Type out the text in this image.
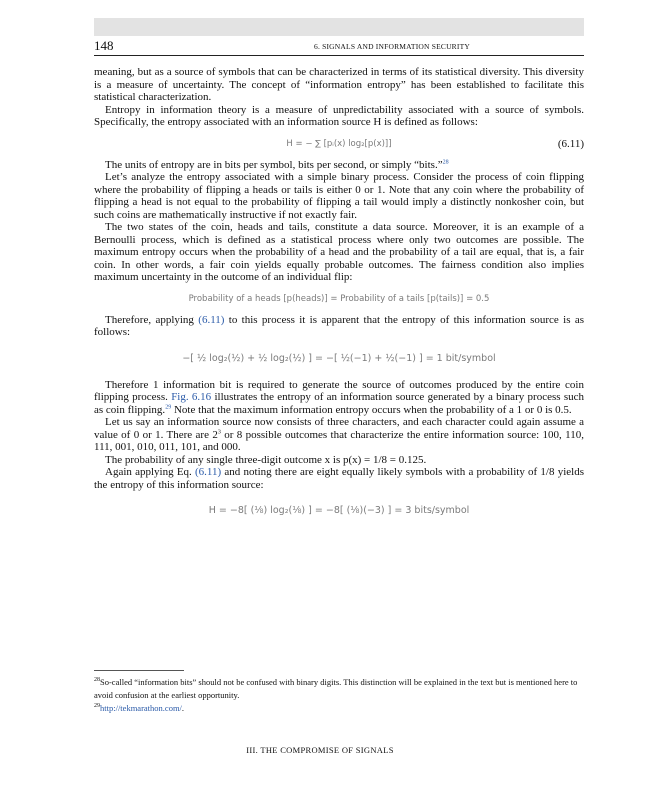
148	6. SIGNALS AND INFORMATION SECURITY

meaning, but as a source of symbols that can be characterized in terms of its statistical diversity. This diversity is a measure of uncertainty. The concept of “information entropy” has been established to facilitate this statistical characterization.

Entropy in information theory is a measure of unpredictability associated with a source of symbols. Specifically, the entropy associated with an information source H is defined as follows:

H = − ∑ [pᵢ(x) log₂[p(x)]]	(6.11)

The units of entropy are in bits per symbol, bits per second, or simply “bits.”$^{28}$

Let’s analyze the entropy associated with a simple binary process. Consider the process of coin flipping where the probability of flipping a heads or tails is either 0 or 1. Note that any coin where the probability of flipping a head is not equal to the probability of flipping a tail would imply a distinctly nonkosher coin, but such coins are mathematically instructive if not exactly fair.

The two states of the coin, heads and tails, constitute a data source. Moreover, it is an example of a Bernoulli process, which is defined as a statistical process where only two outcomes are possible. The maximum entropy occurs when the probability of a head and the probability of a tail are equal, that is, a fair coin. In other words, a fair coin yields equally probable outcomes. The fairness condition also implies maximum uncertainty in the outcome of an individual flip:

Probability of a heads [p(heads)] = Probability of a tails [p(tails)] = 0.5

Therefore, applying (6.11) to this process it is apparent that the entropy of this information source is as follows:

−[ ½ log₂(½) + ½ log₂(½) ] = −[ ½(−1) + ½(−1) ] = 1 bit/symbol

Therefore 1 information bit is required to generate the source of outcomes produced by the entire coin flipping process. Fig. 6.16 illustrates the entropy of an information source generated by a binary process such as coin flipping.$^{29}$ Note that the maximum information entropy occurs when the probability of a 1 or 0 is 0.5.

Let us say an information source now consists of three characters, and each character could again assume a value of 0 or 1. There are $2^3$ or 8 possible outcomes that characterize the entire information source: 100, 110, 111, 001, 010, 011, 101, and 000.

The probability of any single three-digit outcome x is p(x) = 1/8 = 0.125.

Again applying Eq. (6.11) and noting there are eight equally likely symbols with a probability of 1/8 yields the entropy of this information source:

H = −8[ (⅛) log₂(⅛) ] = −8[ (⅛)(−3) ] = 3 bits/symbol

$^{28}$So-called “information bits” should not be confused with binary digits. This distinction will be explained in the text but is mentioned here to avoid confusion at the earliest opportunity.

$^{29}$http://tekmarathon.com/.

III. THE COMPROMISE OF SIGNALS
